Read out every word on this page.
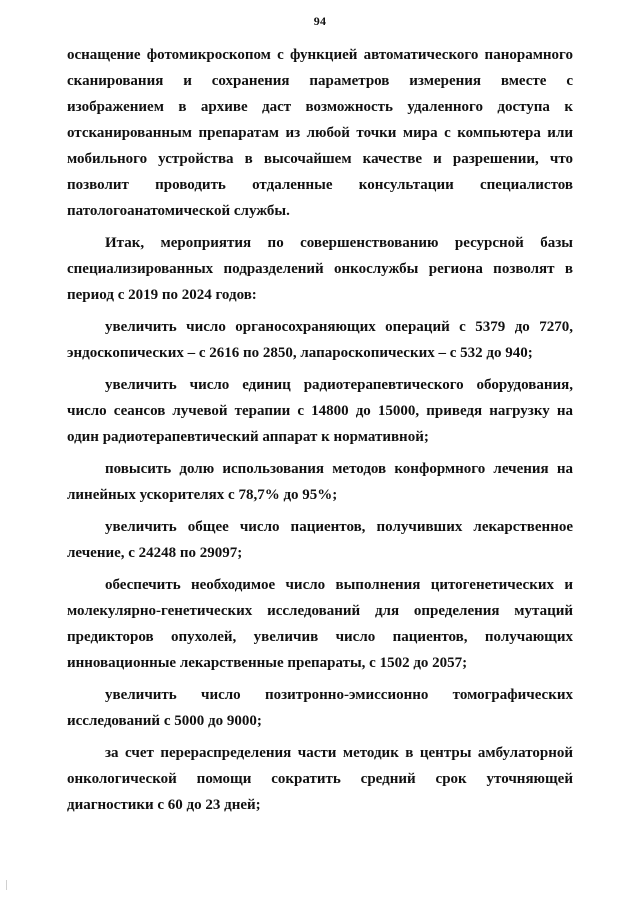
94

оснащение фотомикроскопом с функцией автоматического панорамного сканирования и сохранения параметров измерения вместе с изображением в архиве даст возможность удаленного доступа к отсканированным препаратам из любой точки мира с компьютера или мобильного устройства в высочайшем качестве и разрешении, что позволит проводить отдаленные консультации специалистов патологоанатомической службы.

Итак, мероприятия по совершенствованию ресурсной базы специализированных подразделений онкослужбы региона позволят в период с 2019 по 2024 годов:

увеличить число органосохраняющих операций с 5379 до 7270, эндоскопических – с 2616 по 2850, лапароскопических – с 532 до 940;

увеличить число единиц радиотерапевтического оборудования, число сеансов лучевой терапии с 14800 до 15000, приведя нагрузку на один радиотерапевтический аппарат к нормативной;

повысить долю использования методов конформного лечения на линейных ускорителях с 78,7% до 95%;

увеличить общее число пациентов, получивших лекарственное лечение, с 24248 по 29097;

обеспечить необходимое число выполнения цитогенетических и молекулярно-генетических исследований для определения мутаций предикторов опухолей, увеличив число пациентов, получающих инновационные лекарственные препараты, с 1502 до 2057;

увеличить число позитронно-эмиссионно томографических исследований с 5000 до 9000;

за счет перераспределения части методик в центры амбулаторной онкологической помощи сократить средний срок уточняющей диагностики с 60 до 23 дней;
